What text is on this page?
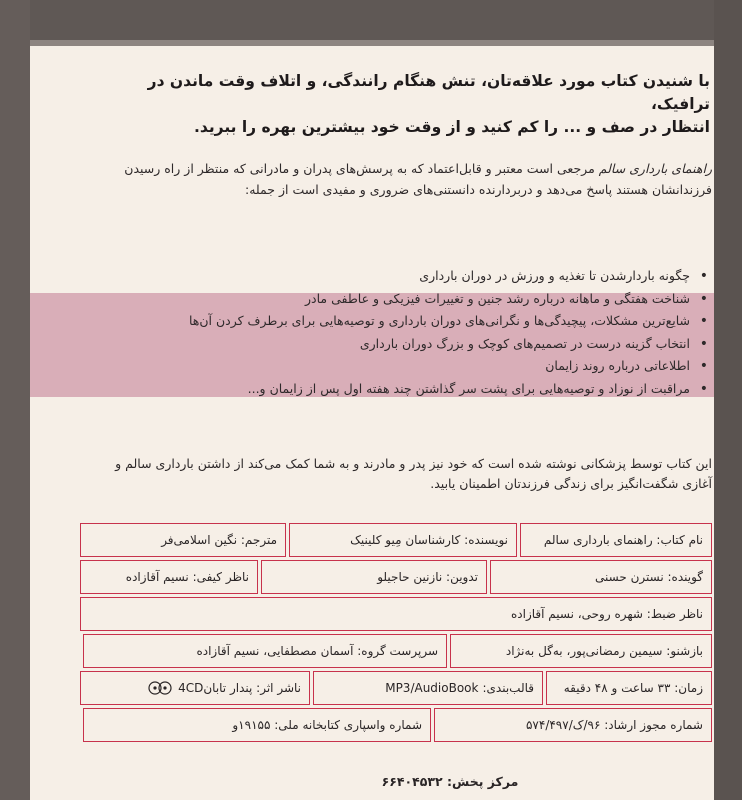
با شنیدن کتاب مورد علاقه‌تان، تنش هنگام رانندگی، و اتلاف وقت ماندن در ترافیک،
انتظار در صف و ... را کم کنید و از وقت خود بیشترین بهره را ببرید.
راهنمای بارداری سالم مرجعی است معتبر و قابل‌اعتماد که به پرسش‌های پدران و مادرانی که منتظر از راه رسیدن فرزندانشان هستند پاسخ می‌دهد و دربردارنده دانستنی‌های ضروری و مفیدی است از جمله:
•
چگونه باردارشدن تا تغذیه و ورزش در دوران بارداری
•
شناخت هفتگی و ماهانه درباره رشد جنین و تغییرات فیزیکی و عاطفی مادر
•
شایع‌ترین مشکلات، پیچیدگی‌ها و نگرانی‌های دوران بارداری و توصیه‌هایی برای برطرف کردن آن‌ها
•
انتخاب گزینه درست در تصمیم‌های کوچک و بزرگ دوران بارداری
•
اطلاعاتی درباره روند زایمان
•
مراقبت از نوزاد و توصیه‌هایی برای پشت سر گذاشتن چند هفته اول پس از زایمان و...
این کتاب توسط پزشکانی نوشته شده است که خود نیز پدر و مادرند و به شما کمک می‌کند از داشتن بارداری سالم و آغازی شگفت‌انگیز برای زندگی فرزندتان اطمینان یابید.
نام کتاب: راهنمای بارداری سالم
نویسنده: کارشناسان مِیو کلینیک
مترجم: نگین اسلامی‌فر
گوینده: نسترن حسنی
تدوین: نازنین حاجیلو
ناظر کیفی: نسیم آقازاده
ناظر ضبط: شهره روحی، نسیم آقازاده
بازشنو: سیمین رمضانی‌پور، به‌گل به‌نژاد
سرپرست گروه: آسمان مصطفایی، نسیم آقازاده
زمان: ۳۳ ساعت و ۴۸ دقیقه
قالب‌بندی:
MP3/AudioBook
ناشر اثر: پندار تابان
4CD
شماره مجوز ارشاد: ۹۶/ک/۵۷۴/۴۹۷
شماره واسپاری کتابخانه ملی: ۱۹۱۵۵و
مرکز پخش: ۶۶۴۰۴۵۳۲
